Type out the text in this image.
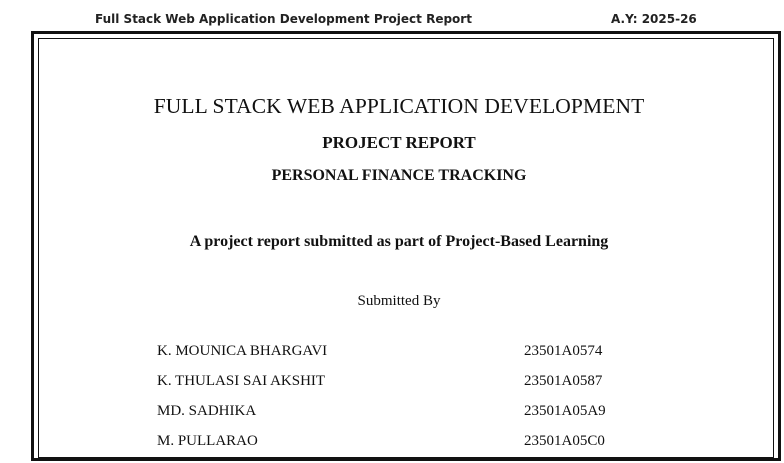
Full Stack Web Application Development Project Report	A.Y: 2025-26
FULL STACK WEB APPLICATION DEVELOPMENT
PROJECT REPORT
PERSONAL FINANCE TRACKING

A project report submitted as part of Project-Based Learning

Submitted By

K. MOUNICA BHARGAVI	23501A0574
K. THULASI SAI AKSHIT	23501A0587
MD. SADHIKA	23501A05A9
M. PULLARAO	23501A05C0
